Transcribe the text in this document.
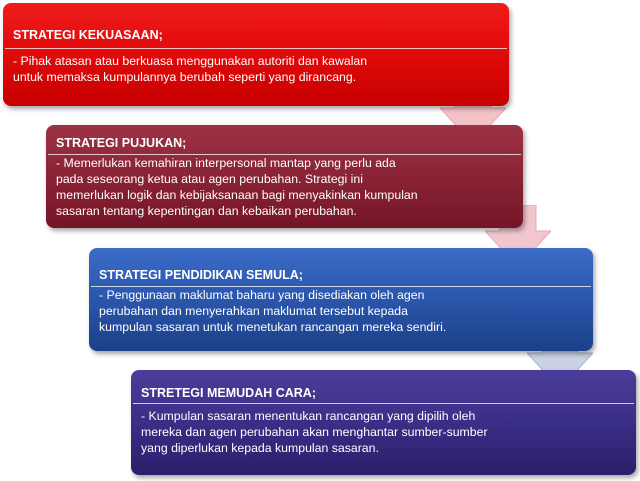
STRATEGI KEKUASAAN;
- Pihak atasan atau berkuasa menggunakan autoriti dan kawalan
untuk memaksa kumpulannya berubah seperti yang dirancang.
STRATEGI PUJUKAN;
- Memerlukan kemahiran interpersonal mantap yang perlu ada
pada seseorang ketua atau agen perubahan. Strategi ini
memerlukan logik dan kebijaksanaan bagi menyakinkan kumpulan
sasaran tentang kepentingan dan kebaikan perubahan.
STRATEGI PENDIDIKAN SEMULA;
- Penggunaan maklumat baharu yang disediakan oleh agen
perubahan dan menyerahkan maklumat tersebut kepada
kumpulan sasaran untuk menetukan rancangan mereka sendiri.
STRETEGI MEMUDAH CARA;
- Kumpulan sasaran menentukan rancangan yang dipilih oleh
mereka dan agen perubahan akan menghantar sumber-sumber
yang diperlukan kepada kumpulan sasaran.
